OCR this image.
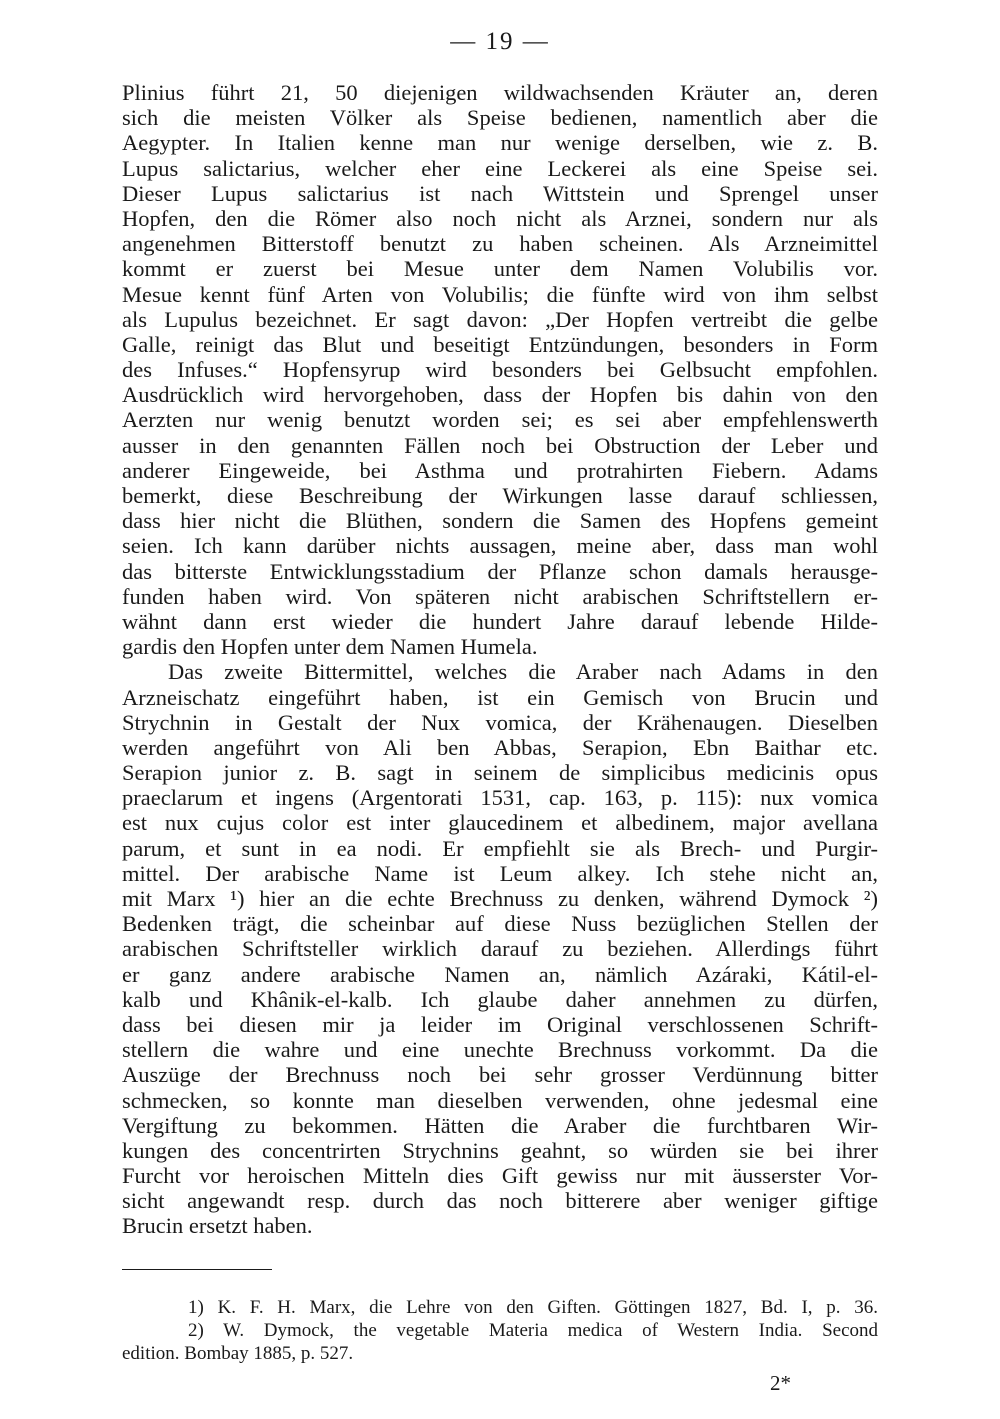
— 19 —
Plinius führt 21, 50 diejenigen wildwachsenden Kräuter an, deren
sich die meisten Völker als Speise bedienen, namentlich aber die
Aegypter. In Italien kenne man nur wenige derselben, wie z. B.
Lupus salictarius, welcher eher eine Leckerei als eine Speise sei.
Dieser Lupus salictarius ist nach Wittstein und Sprengel unser
Hopfen, den die Römer also noch nicht als Arznei, sondern nur als
angenehmen Bitterstoff benutzt zu haben scheinen. Als Arzneimittel
kommt er zuerst bei Mesue unter dem Namen Volubilis vor.
Mesue kennt fünf Arten von Volubilis; die fünfte wird von ihm selbst
als Lupulus bezeichnet. Er sagt davon: „Der Hopfen vertreibt die gelbe
Galle, reinigt das Blut und beseitigt Entzündungen, besonders in Form
des Infuses.“ Hopfensyrup wird besonders bei Gelbsucht empfohlen.
Ausdrücklich wird hervorgehoben, dass der Hopfen bis dahin von den
Aerzten nur wenig benutzt worden sei; es sei aber empfehlenswerth
ausser in den genannten Fällen noch bei Obstruction der Leber und
anderer Eingeweide, bei Asthma und protrahirten Fiebern. Adams
bemerkt, diese Beschreibung der Wirkungen lasse darauf schliessen,
dass hier nicht die Blüthen, sondern die Samen des Hopfens gemeint
seien. Ich kann darüber nichts aussagen, meine aber, dass man wohl
das bitterste Entwicklungsstadium der Pflanze schon damals herausge-
funden haben wird. Von späteren nicht arabischen Schriftstellern er-
wähnt dann erst wieder die hundert Jahre darauf lebende Hilde-
gardis den Hopfen unter dem Namen Humela.
Das zweite Bittermittel, welches die Araber nach Adams in den
Arzneischatz eingeführt haben, ist ein Gemisch von Brucin und
Strychnin in Gestalt der Nux vomica, der Krähenaugen. Dieselben
werden angeführt von Ali ben Abbas, Serapion, Ebn Baithar etc.
Serapion junior z. B. sagt in seinem de simplicibus medicinis opus
praeclarum et ingens (Argentorati 1531, cap. 163, p. 115): nux vomica
est nux cujus color est inter glaucedinem et albedinem, major avellana
parum, et sunt in ea nodi. Er empfiehlt sie als Brech- und Purgir-
mittel. Der arabische Name ist Leum alkey. Ich stehe nicht an,
mit Marx ¹) hier an die echte Brechnuss zu denken, während Dymock ²)
Bedenken trägt, die scheinbar auf diese Nuss bezüglichen Stellen der
arabischen Schriftsteller wirklich darauf zu beziehen. Allerdings führt
er ganz andere arabische Namen an, nämlich Azáraki, Kátil-el-
kalb und Khânik-el-kalb. Ich glaube daher annehmen zu dürfen,
dass bei diesen mir ja leider im Original verschlossenen Schrift-
stellern die wahre und eine unechte Brechnuss vorkommt. Da die
Auszüge der Brechnuss noch bei sehr grosser Verdünnung bitter
schmecken, so konnte man dieselben verwenden, ohne jedesmal eine
Vergiftung zu bekommen. Hätten die Araber die furchtbaren Wir-
kungen des concentrirten Strychnins geahnt, so würden sie bei ihrer
Furcht vor heroischen Mitteln dies Gift gewiss nur mit äusserster Vor-
sicht angewandt resp. durch das noch bitterere aber weniger giftige
Brucin ersetzt haben.
1) K. F. H. Marx, die Lehre von den Giften. Göttingen 1827, Bd. I, p. 36.
2) W. Dymock, the vegetable Materia medica of Western India. Second
edition. Bombay 1885, p. 527.
2*
